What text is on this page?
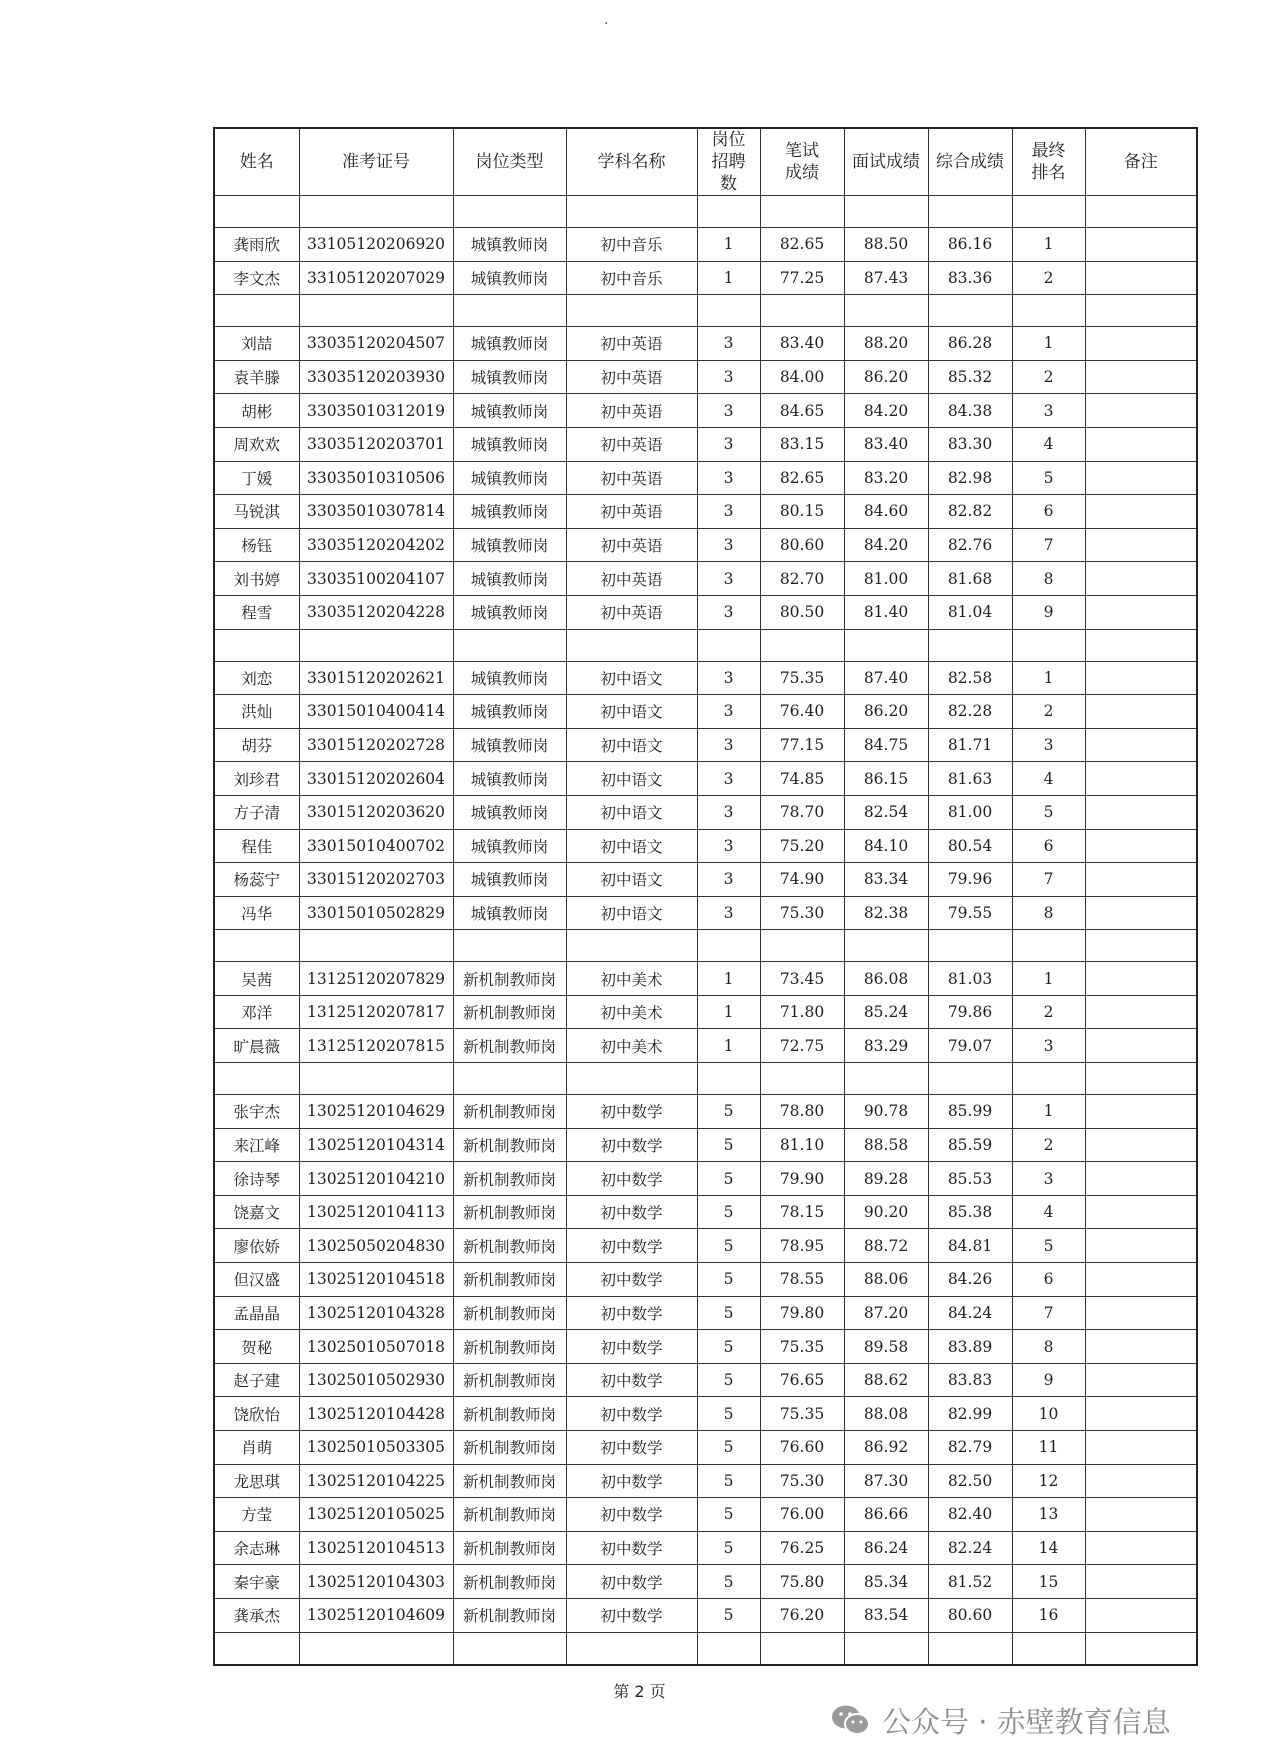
·
姓名	准考证号	岗位类型	学科名称	岗位招聘数	笔试成绩	面试成绩	综合成绩	最终排名	备注

龚雨欣	33105120206920	城镇教师岗	初中音乐	1	82.65	88.50	86.16	1	
李文杰	33105120207029	城镇教师岗	初中音乐	1	77.25	87.43	83.36	2	

刘喆	33035120204507	城镇教师岗	初中英语	3	83.40	88.20	86.28	1	
袁羊滕	33035120203930	城镇教师岗	初中英语	3	84.00	86.20	85.32	2	
胡彬	33035010312019	城镇教师岗	初中英语	3	84.65	84.20	84.38	3	
周欢欢	33035120203701	城镇教师岗	初中英语	3	83.15	83.40	83.30	4	
丁媛	33035010310506	城镇教师岗	初中英语	3	82.65	83.20	82.98	5	
马锐淇	33035010307814	城镇教师岗	初中英语	3	80.15	84.60	82.82	6	
杨钰	33035120204202	城镇教师岗	初中英语	3	80.60	84.20	82.76	7	
刘书婷	33035100204107	城镇教师岗	初中英语	3	82.70	81.00	81.68	8	
程雪	33035120204228	城镇教师岗	初中英语	3	80.50	81.40	81.04	9	

刘恋	33015120202621	城镇教师岗	初中语文	3	75.35	87.40	82.58	1	
洪灿	33015010400414	城镇教师岗	初中语文	3	76.40	86.20	82.28	2	
胡芬	33015120202728	城镇教师岗	初中语文	3	77.15	84.75	81.71	3	
刘珍君	33015120202604	城镇教师岗	初中语文	3	74.85	86.15	81.63	4	
方子清	33015120203620	城镇教师岗	初中语文	3	78.70	82.54	81.00	5	
程佳	33015010400702	城镇教师岗	初中语文	3	75.20	84.10	80.54	6	
杨蕊宁	33015120202703	城镇教师岗	初中语文	3	74.90	83.34	79.96	7	
冯华	33015010502829	城镇教师岗	初中语文	3	75.30	82.38	79.55	8	

吴茜	13125120207829	新机制教师岗	初中美术	1	73.45	86.08	81.03	1	
邓洋	13125120207817	新机制教师岗	初中美术	1	71.80	85.24	79.86	2	
旷晨薇	13125120207815	新机制教师岗	初中美术	1	72.75	83.29	79.07	3	

张宇杰	13025120104629	新机制教师岗	初中数学	5	78.80	90.78	85.99	1	
来江峰	13025120104314	新机制教师岗	初中数学	5	81.10	88.58	85.59	2	
徐诗琴	13025120104210	新机制教师岗	初中数学	5	79.90	89.28	85.53	3	
饶嘉文	13025120104113	新机制教师岗	初中数学	5	78.15	90.20	85.38	4	
廖依娇	13025050204830	新机制教师岗	初中数学	5	78.95	88.72	84.81	5	
但汉盛	13025120104518	新机制教师岗	初中数学	5	78.55	88.06	84.26	6	
孟晶晶	13025120104328	新机制教师岗	初中数学	5	79.80	87.20	84.24	7	
贺秘	13025010507018	新机制教师岗	初中数学	5	75.35	89.58	83.89	8	
赵子建	13025010502930	新机制教师岗	初中数学	5	76.65	88.62	83.83	9	
饶欣怡	13025120104428	新机制教师岗	初中数学	5	75.35	88.08	82.99	10	
肖萌	13025010503305	新机制教师岗	初中数学	5	76.60	86.92	82.79	11	
龙思琪	13025120104225	新机制教师岗	初中数学	5	75.30	87.30	82.50	12	
方莹	13025120105025	新机制教师岗	初中数学	5	76.00	86.66	82.40	13	
余志琳	13025120104513	新机制教师岗	初中数学	5	76.25	86.24	82.24	14	
秦宇豪	13025120104303	新机制教师岗	初中数学	5	75.80	85.34	81.52	15	
龚承杰	13025120104609	新机制教师岗	初中数学	5	76.20	83.54	80.60	16	

第 2 页
公众号 · 赤壁教育信息
